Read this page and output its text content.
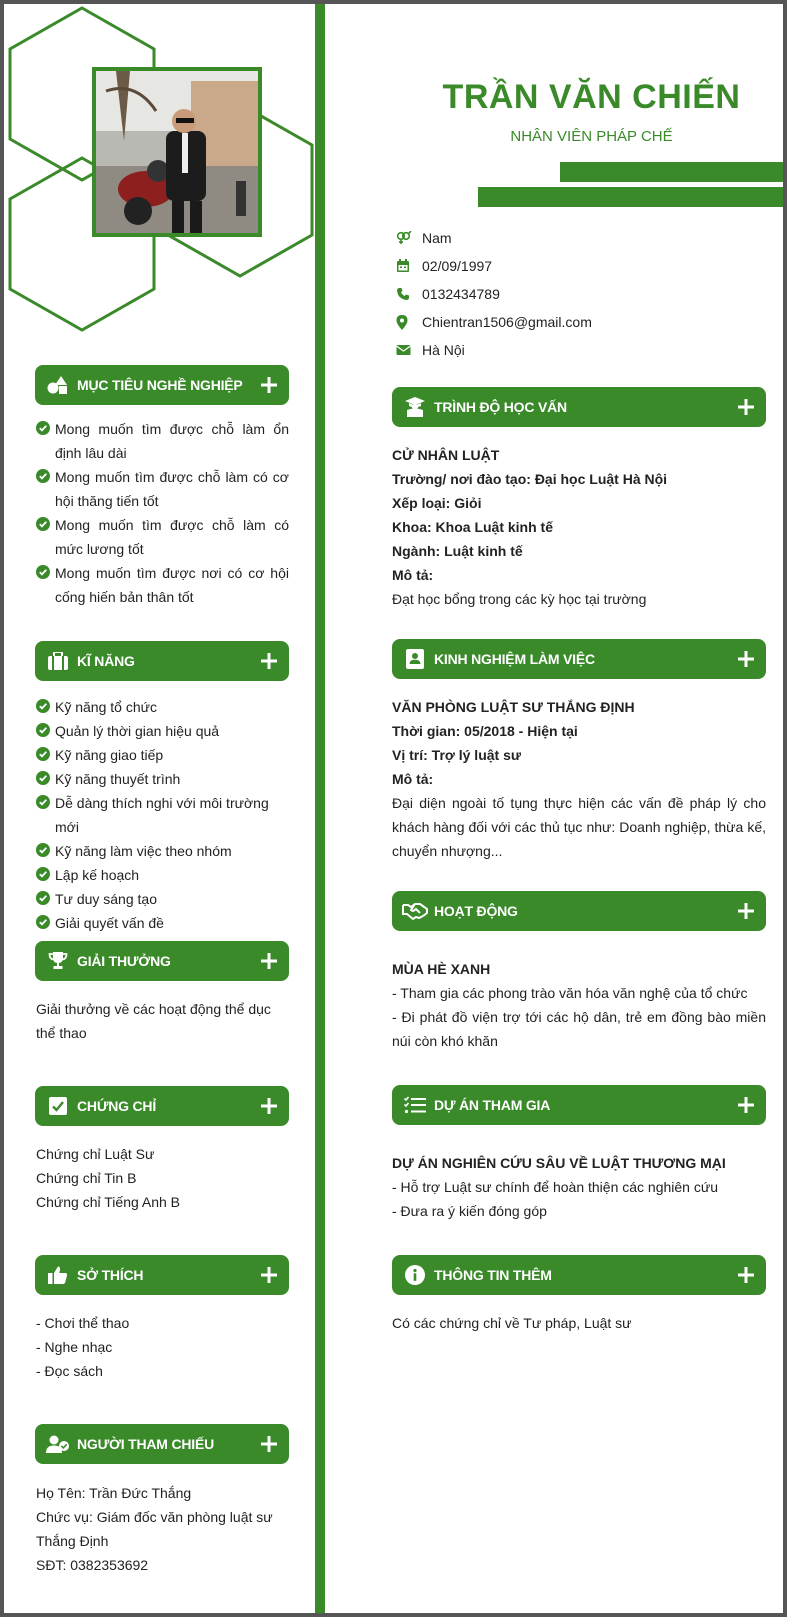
TRẦN VĂN CHIẾN
NHÂN VIÊN PHÁP CHẾ
Nam
02/09/1997
0132434789
Chientran1506@gmail.com
Hà Nội
MỤC TIÊU NGHỀ NGHIỆP
Mong muốn tìm được chỗ làm ổn định lâu dài
Mong muốn tìm được chỗ làm có cơ hội thăng tiến tốt
Mong muốn tìm được chỗ làm có mức lương tốt
Mong muốn tìm được nơi có cơ hội cống hiến bản thân tốt
KĨ NĂNG
Kỹ năng tổ chức
Quản lý thời gian hiệu quả
Kỹ năng giao tiếp
Kỹ năng thuyết trình
Dễ dàng thích nghi với môi trường mới
Kỹ năng làm việc theo nhóm
Lập kế hoạch
Tư duy sáng tạo
Giải quyết vấn đề
GIẢI THƯỞNG
Giải thưởng về các hoạt động thể dục thể thao
CHỨNG CHỈ
Chứng chỉ Luật Sư
Chứng chỉ Tin B
Chứng chỉ Tiếng Anh B
SỞ THÍCH
- Chơi thể thao
- Nghe nhạc
- Đọc sách
NGƯỜI THAM CHIẾU
Họ Tên: Trần Đức Thắng
Chức vụ: Giám đốc văn phòng luật sư Thắng Định
SĐT: 0382353692
TRÌNH ĐỘ HỌC VẤN
CỬ NHÂN LUẬT
Trường/ nơi đào tạo: Đại học Luật Hà Nội
Xếp loại: Giỏi
Khoa: Khoa Luật kinh tế
Ngành: Luật kinh tế
Mô tả:
Đạt học bổng trong các kỳ học tại trường
KINH NGHIỆM LÀM VIỆC
VĂN PHÒNG LUẬT SƯ THẮNG ĐỊNH
Thời gian: 05/2018 - Hiện tại
Vị trí: Trợ lý luật sư
Mô tả:
Đại diện ngoài tố tụng thực hiện các vấn đề pháp lý cho khách hàng đối với các thủ tục như: Doanh nghiệp, thừa kế, chuyển nhượng...
HOẠT ĐỘNG
MÙA HÈ XANH
- Tham gia các phong trào văn hóa văn nghệ của tổ chức
- Đi phát đồ viện trợ tới các hộ dân, trẻ em đồng bào miền núi còn khó khăn
DỰ ÁN THAM GIA
DỰ ÁN NGHIÊN CỨU SÂU VỀ LUẬT THƯƠNG MẠI
- Hỗ trợ Luật sư chính để hoàn thiện các nghiên cứu
- Đưa ra ý kiến đóng góp
THÔNG TIN THÊM
Có các chứng chỉ về Tư pháp, Luật sư
